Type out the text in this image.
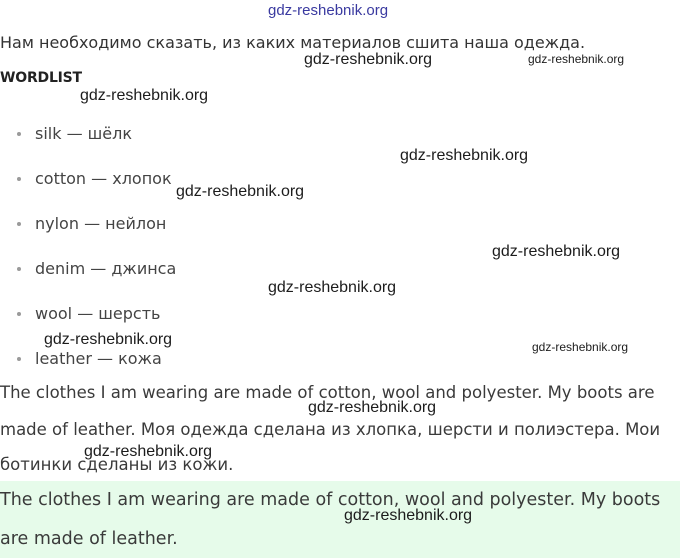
Нам необходимо сказать, из каких материалов сшита наша одежда.
WORDLIST
silk — шёлк
cotton — хлопок
nylon — нейлон
denim — джинса
wool — шерсть
leather — кожа
The clothes I am wearing are made of cotton, wool and polyester. My boots are
made of leather. Моя одежда сделана из хлопка, шерсти и полиэстера. Мои
ботинки сделаны из кожи.
The clothes I am wearing are made of cotton, wool and polyester. My boots
are made of leather.
gdz-reshebnik.org
gdz-reshebnik.org	gdz-reshebnik.org
gdz-reshebnik.org
gdz-reshebnik.org
gdz-reshebnik.org
gdz-reshebnik.org
gdz-reshebnik.org
gdz-reshebnik.org	gdz-reshebnik.org
gdz-reshebnik.org
gdz-reshebnik.org
gdz-reshebnik.org
